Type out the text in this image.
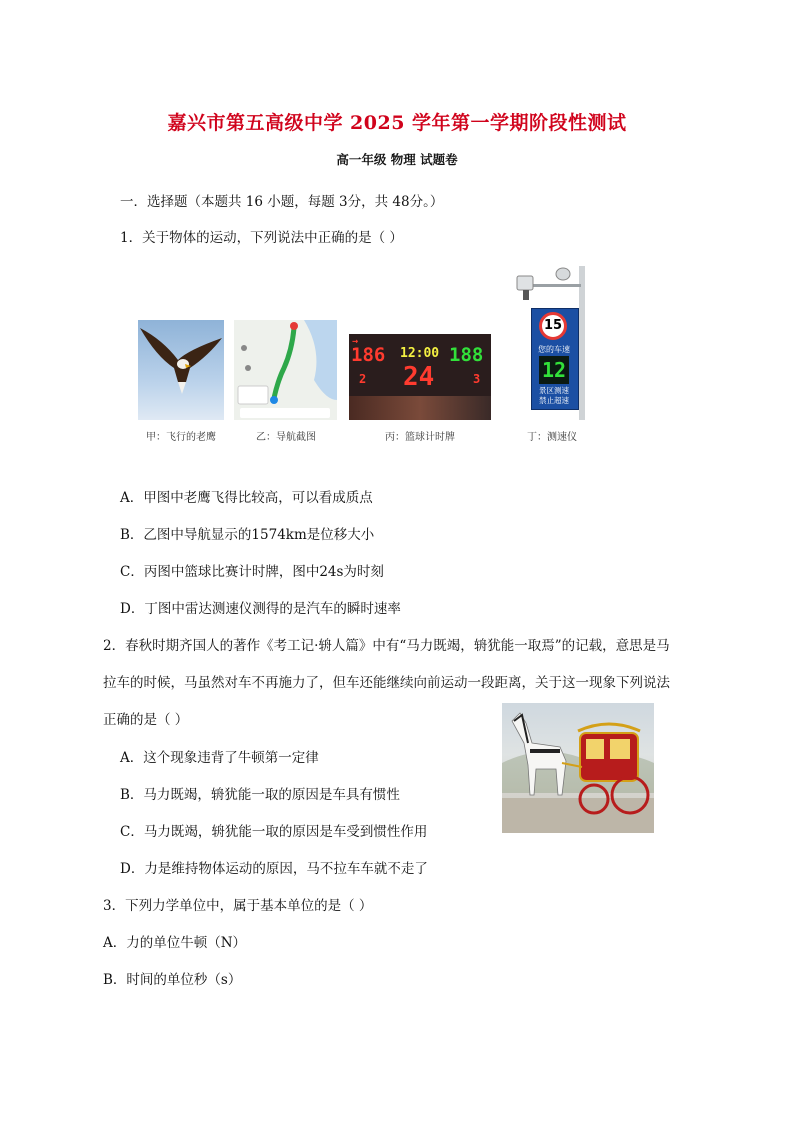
嘉兴市第五高级中学 2025 学年第一学期阶段性测试
高一年级 物理 试题卷
一．选择题（本题共 16 小题，每题 3分，共 48分。）
1．关于物体的运动，下列说法中正确的是（ ）
→
186 12:00 188
2 24	3
15
您的车速
12
景区测速
禁止超速
甲：飞行的老鹰	乙：导航截图	丙：篮球计时牌	丁：测速仪
A．甲图中老鹰飞得比较高，可以看成质点
B．乙图中导航显示的1574km是位移大小
C．丙图中篮球比赛计时牌，图中24s为时刻
D．丁图中雷达测速仪测得的是汽车的瞬时速率
2．春秋时期齐国人的著作《考工记·辀人篇》中有“马力既竭，辀犹能一取焉”的记载，意思是马
拉车的时候，马虽然对车不再施力了，但车还能继续向前运动一段距离，关于这一现象下列说法
正确的是（ ）
A．这个现象违背了牛顿第一定律
B．马力既竭，辀犹能一取的原因是车具有惯性
C．马力既竭，辀犹能一取的原因是车受到惯性作用
D．力是维持物体运动的原因，马不拉车车就不走了
3．下列力学单位中，属于基本单位的是（ ）
A．力的单位牛顿（N）
B．时间的单位秒（s）
